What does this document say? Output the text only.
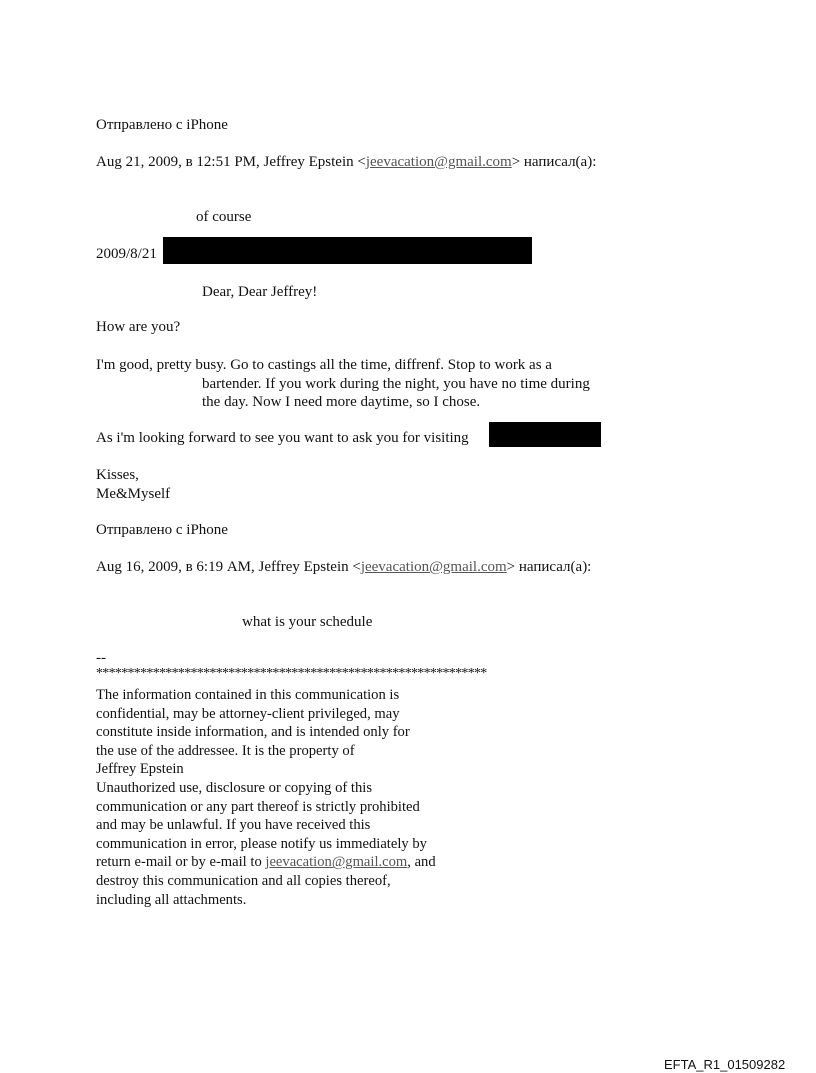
Отправлено с iPhone
Aug 21, 2009, в 12:51 PM, Jeffrey Epstein <jeevacation@gmail.com> написал(а):
of course
2009/8/21
Dear, Dear Jeffrey!
How are you?
I'm good, pretty busy. Go to castings all the time, diffrenf. Stop to work as a
bartender. If you work during the night, you have no time during
the day. Now I need more daytime, so I chose.
As i'm looking forward to see you want to ask you for visiting
Kisses,
Me&Myself
Отправлено с iPhone
Aug 16, 2009, в 6:19 AM, Jeffrey Epstein <jeevacation@gmail.com> написал(а):
what is your schedule
--
**************************************************************
The information contained in this communication is
confidential, may be attorney-client privileged, may
constitute inside information, and is intended only for
the use of the addressee. It is the property of
Jeffrey Epstein
Unauthorized use, disclosure or copying of this
communication or any part thereof is strictly prohibited
and may be unlawful. If you have received this
communication in error, please notify us immediately by
return e-mail or by e-mail to jeevacation@gmail.com, and
destroy this communication and all copies thereof,
including all attachments.
EFTA_R1_01509282
